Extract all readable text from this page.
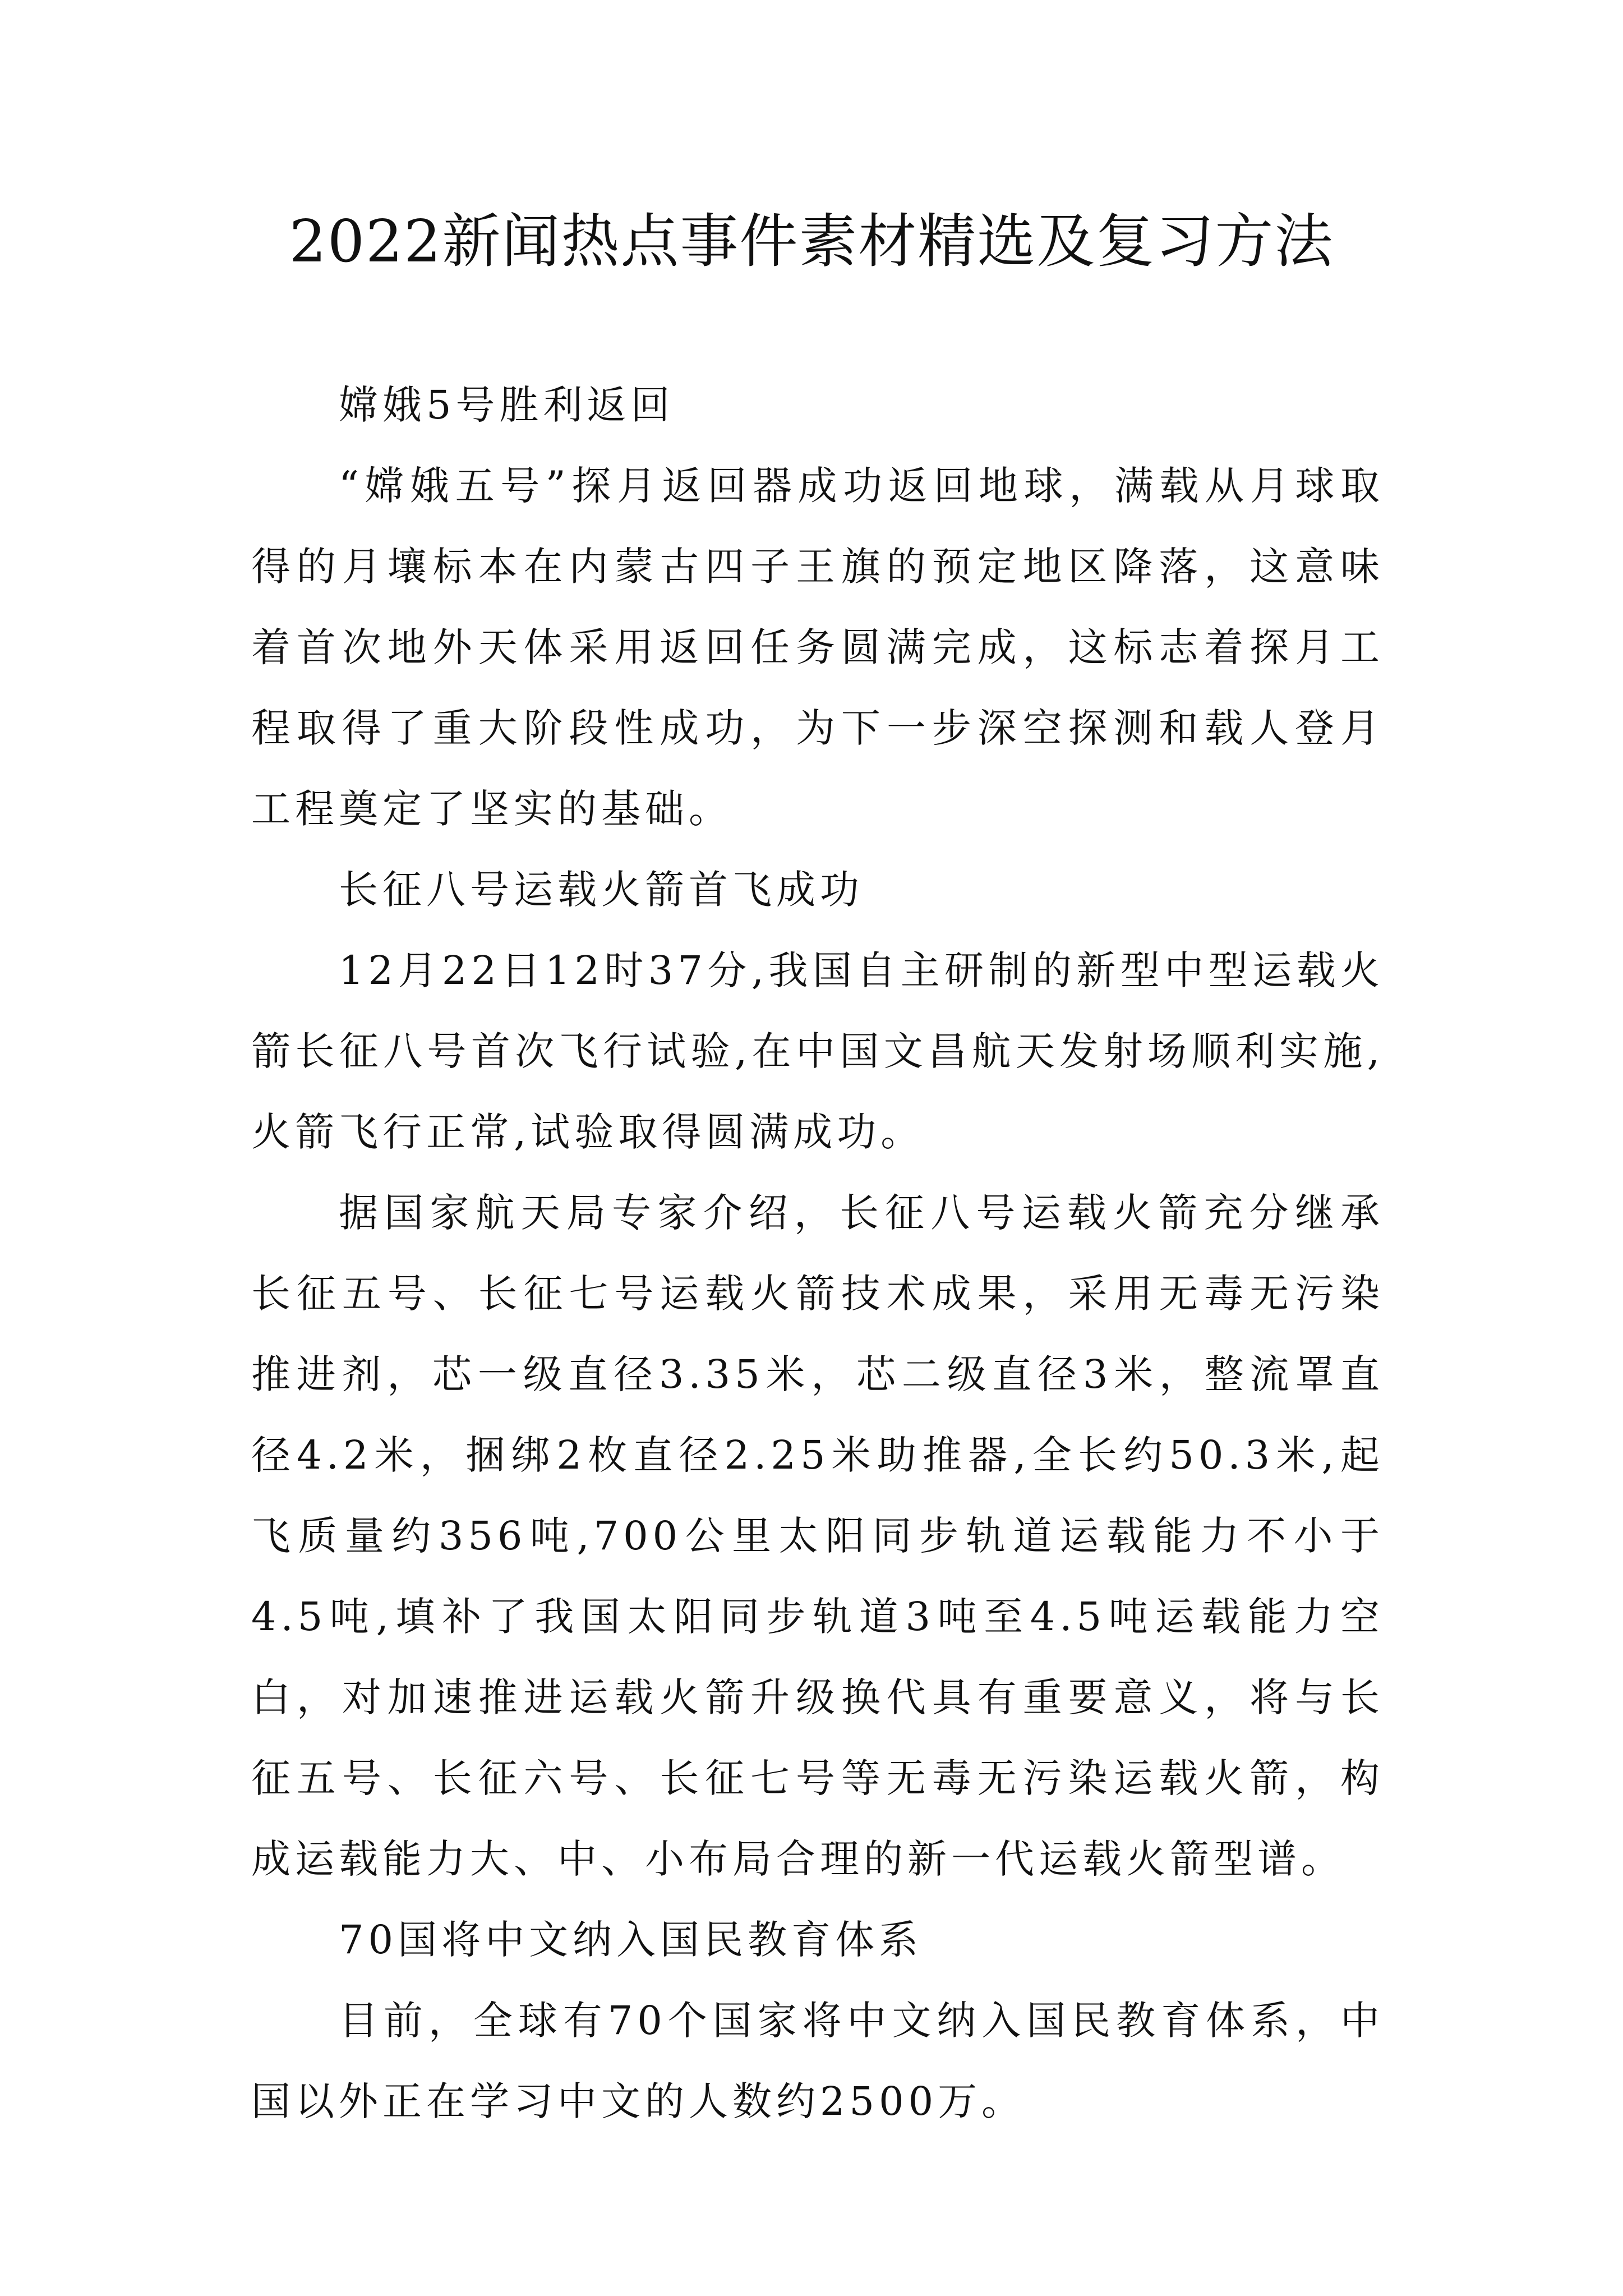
2022新闻热点事件素材精选及复习方法

嫦娥5号胜利返回

“嫦娥五号”探月返回器成功返回地球，满载从月球取得的月壤标本在内蒙古四子王旗的预定地区降落，这意味着首次地外天体采用返回任务圆满完成，这标志着探月工程取得了重大阶段性成功，为下一步深空探测和载人登月工程奠定了坚实的基础。

长征八号运载火箭首飞成功

12月22日12时37分,我国自主研制的新型中型运载火箭长征八号首次飞行试验,在中国文昌航天发射场顺利实施,火箭飞行正常,试验取得圆满成功。

据国家航天局专家介绍，长征八号运载火箭充分继承长征五号、长征七号运载火箭技术成果，采用无毒无污染推进剂，芯一级直径3.35米，芯二级直径3米，整流罩直径4.2米，捆绑2枚直径2.25米助推器,全长约50.3米,起飞质量约356吨,700公里太阳同步轨道运载能力不小于4.5吨,填补了我国太阳同步轨道3吨至4.5吨运载能力空白，对加速推进运载火箭升级换代具有重要意义，将与长征五号、长征六号、长征七号等无毒无污染运载火箭，构成运载能力大、中、小布局合理的新一代运载火箭型谱。

70国将中文纳入国民教育体系

目前，全球有70个国家将中文纳入国民教育体系，中国以外正在学习中文的人数约2500万。
